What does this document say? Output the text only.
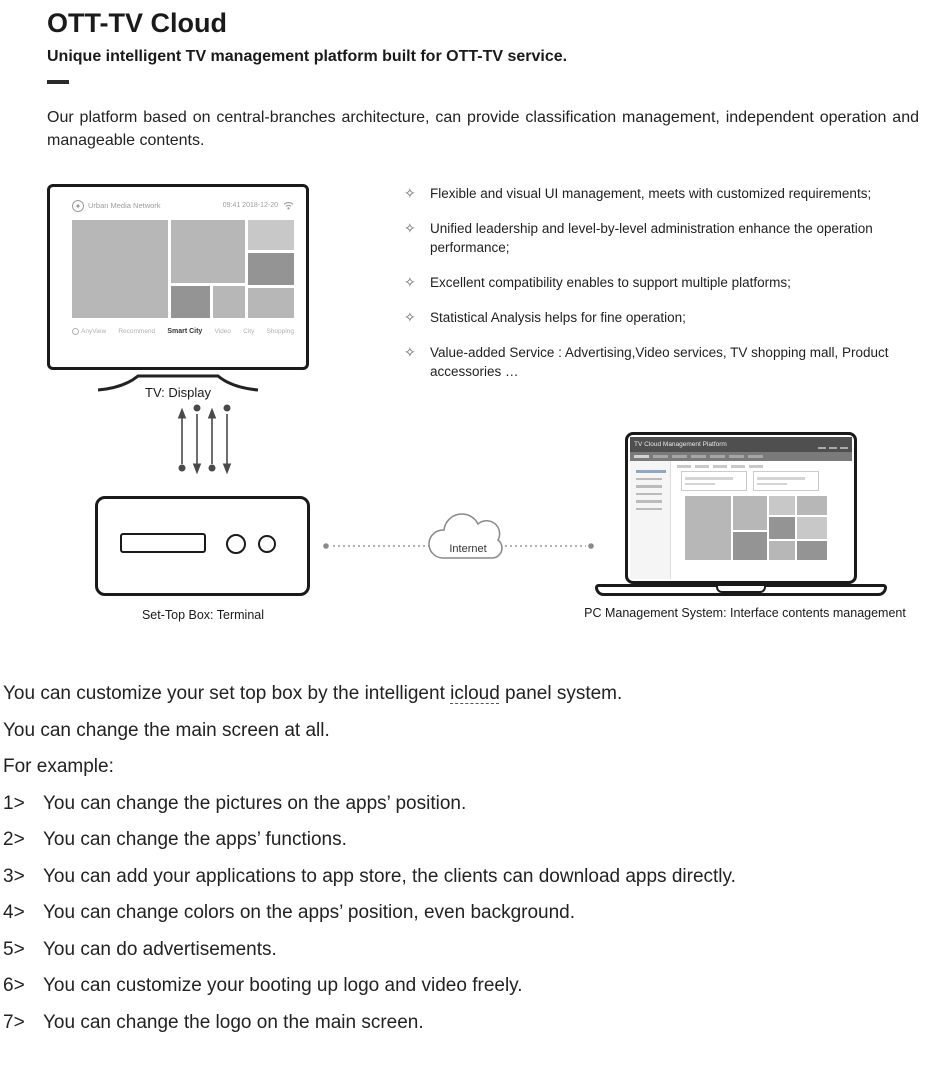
OTT-TV Cloud

Unique intelligent TV management platform built for OTT-TV service.

Our platform based on central-branches architecture, can provide classification management, independent operation and manageable contents.

Internet
Urban Media Network	09:41 2018-12-20
AnyView Recommend Smart City Video City Shopping
TV: Display
Set-Top Box: Terminal
TV Cloud Management Platform
PC Management System: Interface contents management
✧	Flexible and visual UI management, meets with customized requirements;
✧	Unified leadership and level-by-level administration enhance the operation performance;
✧	Excellent compatibility enables to support multiple platforms;
✧	Statistical Analysis helps for fine operation;
✧	Value-added Service : Advertising,Video services, TV shopping mall, Product accessories …

You can customize your set top box by the intelligent icloud panel system.

You can change the main screen at all.

For example:

1> You can change the pictures on the apps’ position.
2> You can change the apps’ functions.
3> You can add your applications to app store, the clients can download apps directly.
4> You can change colors on the apps’ position, even background.
5> You can do advertisements.
6> You can customize your booting up logo and video freely.
7> You can change the logo on the main screen.
